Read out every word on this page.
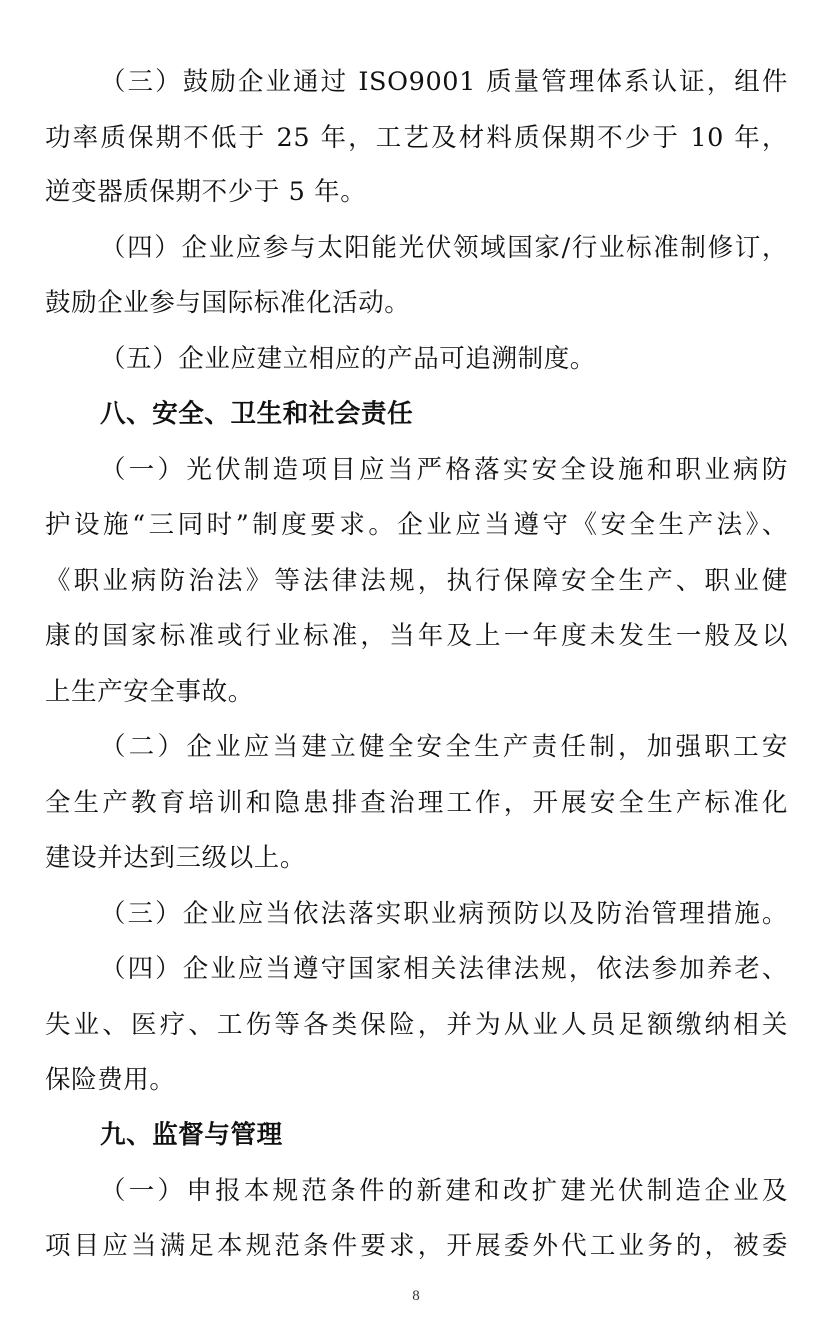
（三）鼓励企业通过 ISO9001 质量管理体系认证，组件
功率质保期不低于 25 年，工艺及材料质保期不少于 10 年，
逆变器质保期不少于 5 年。
（四）企业应参与太阳能光伏领域国家/行业标准制修订，
鼓励企业参与国际标准化活动。
（五）企业应建立相应的产品可追溯制度。
八、安全、卫生和社会责任
（一）光伏制造项目应当严格落实安全设施和职业病防
护设施“三同时”制度要求。企业应当遵守《安全生产法》、
《职业病防治法》等法律法规，执行保障安全生产、职业健
康的国家标准或行业标准，当年及上一年度未发生一般及以
上生产安全事故。
（二）企业应当建立健全安全生产责任制，加强职工安
全生产教育培训和隐患排查治理工作，开展安全生产标准化
建设并达到三级以上。
（三）企业应当依法落实职业病预防以及防治管理措施。
（四）企业应当遵守国家相关法律法规，依法参加养老、
失业、医疗、工伤等各类保险，并为从业人员足额缴纳相关
保险费用。
九、监督与管理
（一）申报本规范条件的新建和改扩建光伏制造企业及
项目应当满足本规范条件要求，开展委外代工业务的，被委
8
